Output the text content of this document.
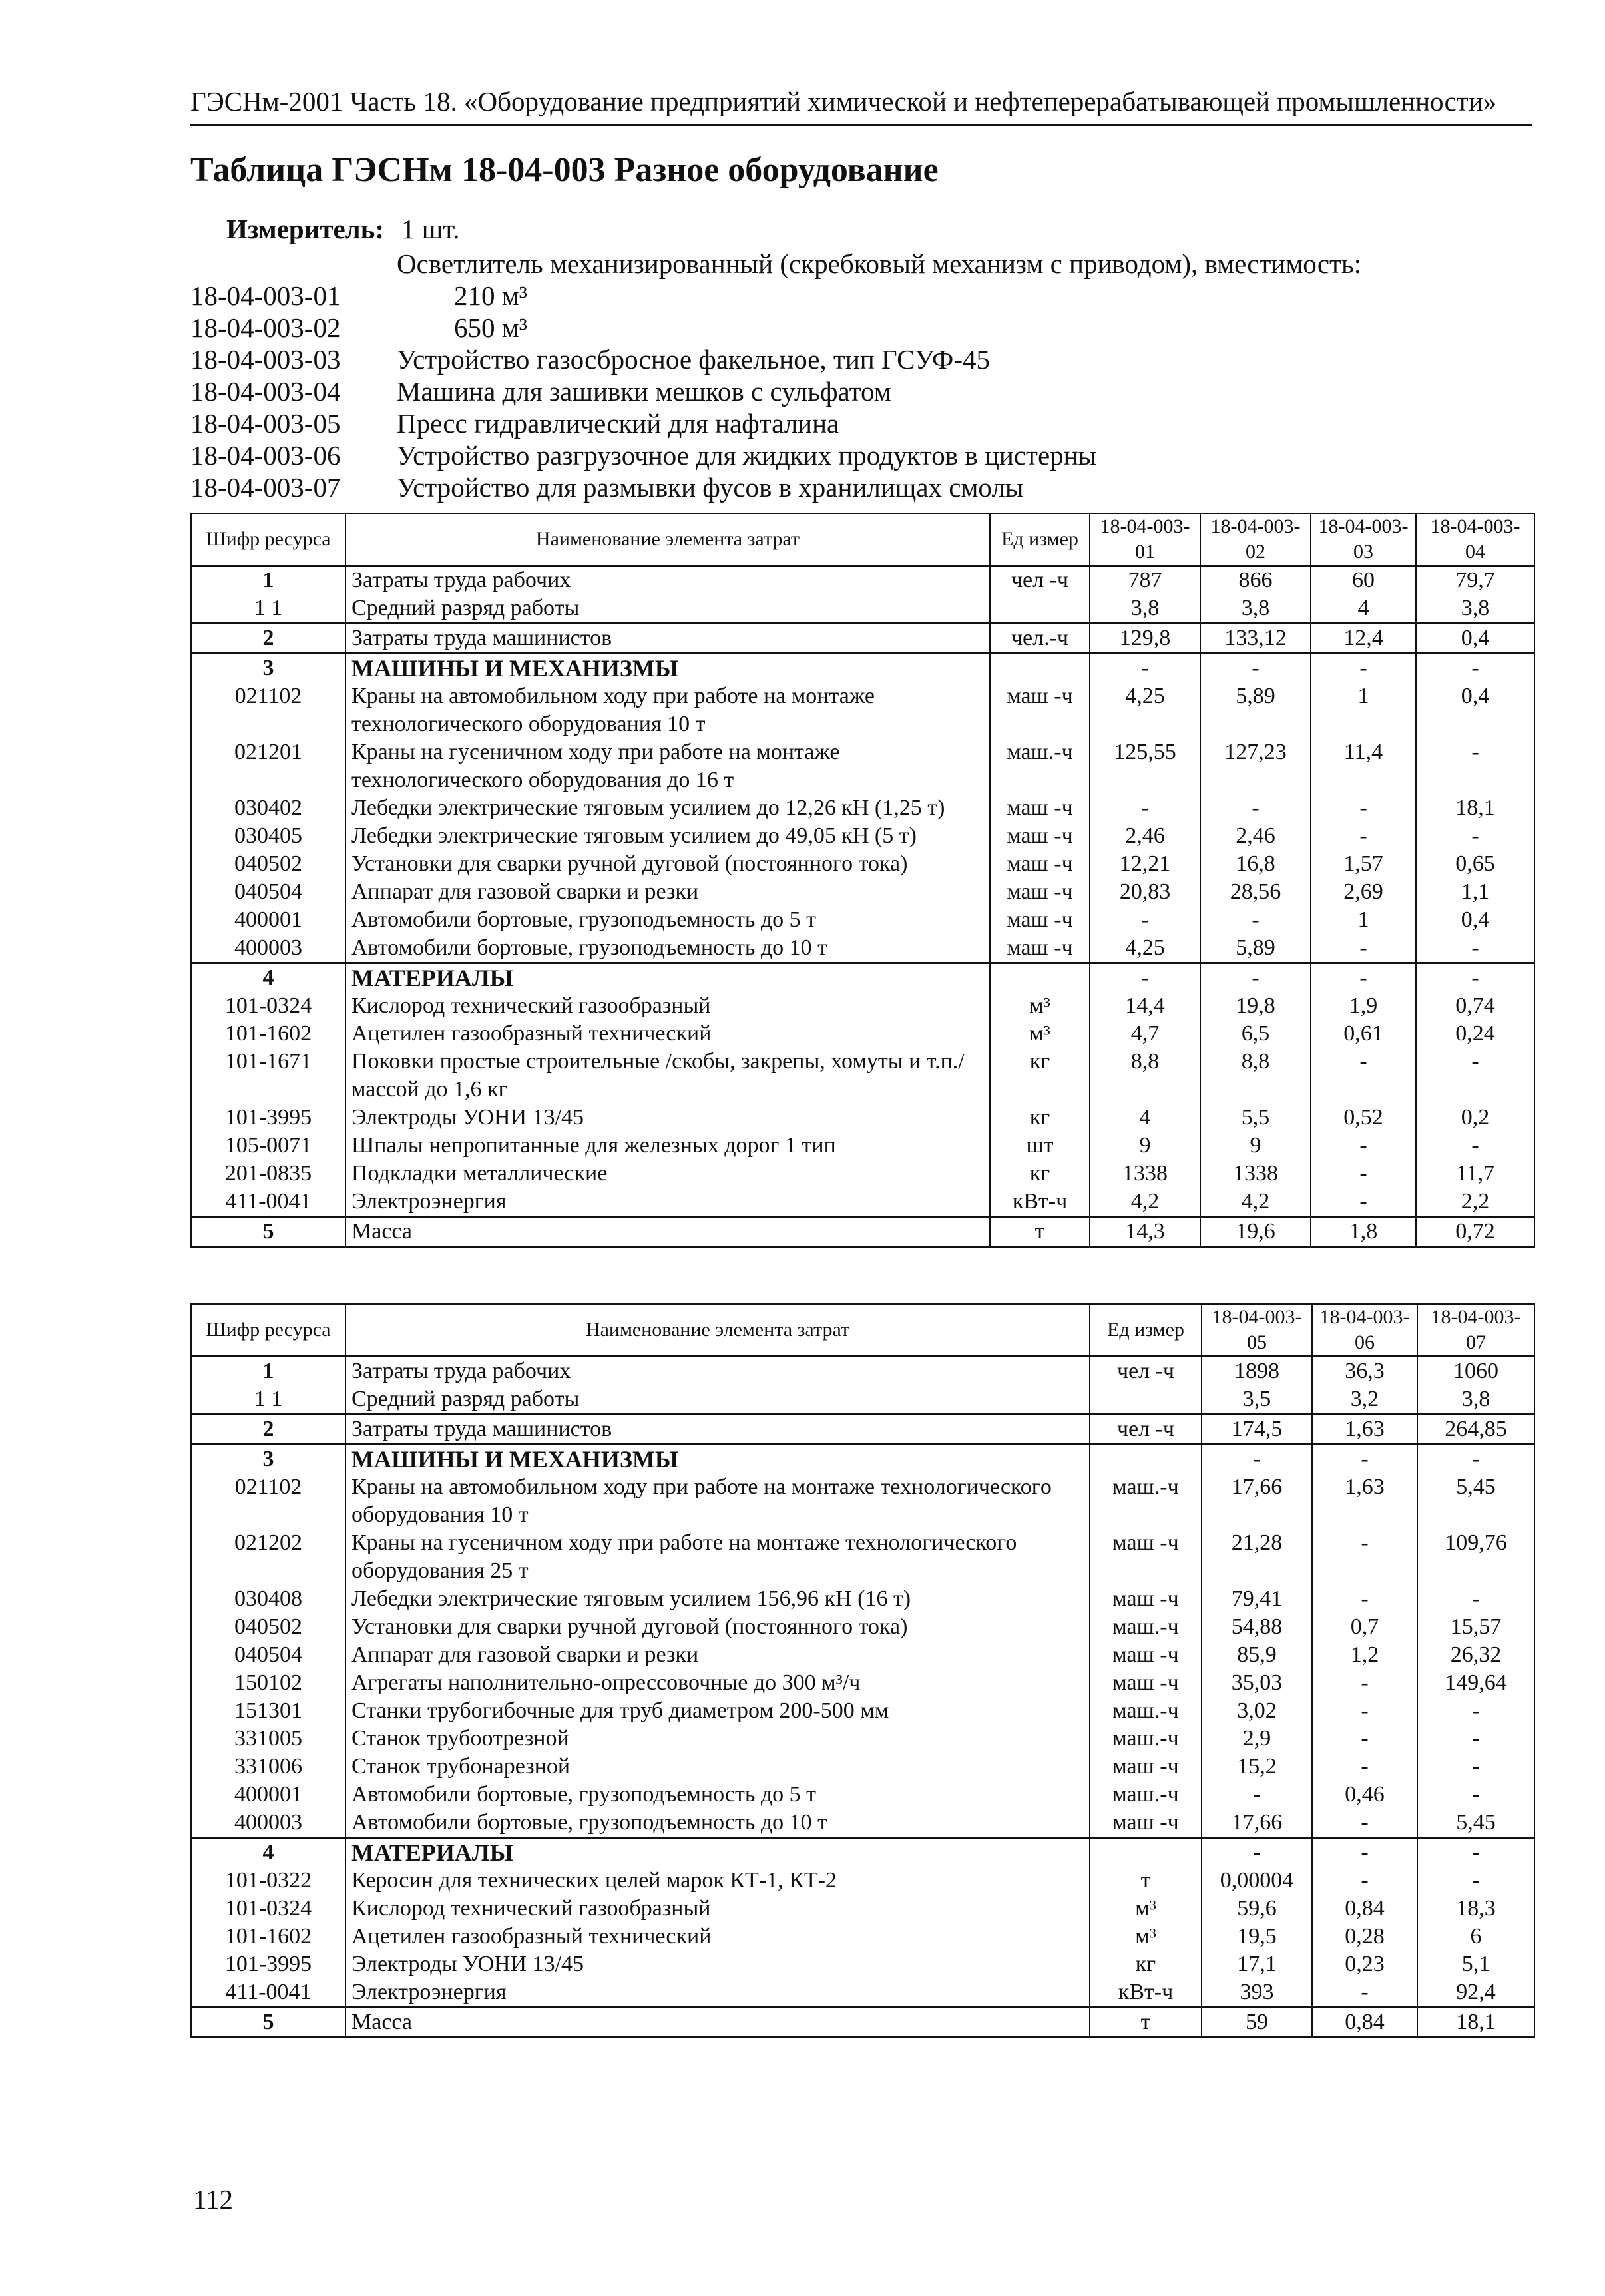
ГЭСНм-2001 Часть 18. «Оборудование предприятий химической и нефтеперерабатывающей промышленности»
Таблица ГЭСНм 18-04-003 Разное оборудование
Измеритель: 1 шт.
Осветлитель механизированный (скребковый механизм с приводом), вместимость:
18-04-003-01	210 м³
18-04-003-02	650 м³
18-04-003-03	Устройство газосбросное факельное, тип ГСУФ-45
18-04-003-04	Машина для зашивки мешков с сульфатом
18-04-003-05	Пресс гидравлический для нафталина
18-04-003-06	Устройство разгрузочное для жидких продуктов в цистерны
18-04-003-07	Устройство для размывки фусов в хранилищах смолы
Шифр ресурса	Наименование элемента затрат	Ед измер	18-04-003-01	18-04-003-02	18-04-003-03	18-04-003-04
1	Затраты труда рабочих	чел -ч	787	866	60	79,7
1 1	Средний разряд работы		3,8	3,8	4	3,8
2	Затраты труда машинистов	чел.-ч	129,8	133,12	12,4	0,4
3	МАШИНЫ И МЕХАНИЗМЫ		-	-	-	-
021102	Краны на автомобильном ходу при работе на монтаже технологического оборудования 10 т	маш -ч	4,25	5,89	1	0,4
021201	Краны на гусеничном ходу при работе на монтаже технологического оборудования до 16 т	маш.-ч	125,55	127,23	11,4	-
030402	Лебедки электрические тяговым усилием до 12,26 кН (1,25 т)	маш -ч	-	-	-	18,1
030405	Лебедки электрические тяговым усилием до 49,05 кН (5 т)	маш -ч	2,46	2,46	-	-
040502	Установки для сварки ручной дуговой (постоянного тока)	маш -ч	12,21	16,8	1,57	0,65
040504	Аппарат для газовой сварки и резки	маш -ч	20,83	28,56	2,69	1,1
400001	Автомобили бортовые, грузоподъемность до 5 т	маш -ч	-	-	1	0,4
400003	Автомобили бортовые, грузоподъемность до 10 т	маш -ч	4,25	5,89	-	-
4	МАТЕРИАЛЫ		-	-	-	-
101-0324	Кислород технический газообразный	м³	14,4	19,8	1,9	0,74
101-1602	Ацетилен газообразный технический	м³	4,7	6,5	0,61	0,24
101-1671	Поковки простые строительные /скобы, закрепы, хомуты и т.п./ массой до 1,6 кг	кг	8,8	8,8	-	-
101-3995	Электроды УОНИ 13/45	кг	4	5,5	0,52	0,2
105-0071	Шпалы непропитанные для железных дорог 1 тип	шт	9	9	-	-
201-0835	Подкладки металлические	кг	1338	1338	-	11,7
411-0041	Электроэнергия	кВт-ч	4,2	4,2	-	2,2
5	Масса	т	14,3	19,6	1,8	0,72
Шифр ресурса	Наименование элемента затрат	Ед измер	18-04-003-05	18-04-003-06	18-04-003-07
1	Затраты труда рабочих	чел -ч	1898	36,3	1060
1 1	Средний разряд работы		3,5	3,2	3,8
2	Затраты труда машинистов	чел -ч	174,5	1,63	264,85
3	МАШИНЫ И МЕХАНИЗМЫ		-	-	-
021102	Краны на автомобильном ходу при работе на монтаже технологического оборудования 10 т	маш.-ч	17,66	1,63	5,45
021202	Краны на гусеничном ходу при работе на монтаже технологического оборудования 25 т	маш -ч	21,28	-	109,76
030408	Лебедки электрические тяговым усилием 156,96 кН (16 т)	маш -ч	79,41	-	-
040502	Установки для сварки ручной дуговой (постоянного тока)	маш.-ч	54,88	0,7	15,57
040504	Аппарат для газовой сварки и резки	маш -ч	85,9	1,2	26,32
150102	Агрегаты наполнительно-опрессовочные до 300 м³/ч	маш -ч	35,03	-	149,64
151301	Станки трубогибочные для труб диаметром 200-500 мм	маш.-ч	3,02	-	-
331005	Станок трубоотрезной	маш.-ч	2,9	-	-
331006	Станок трубонарезной	маш -ч	15,2	-	-
400001	Автомобили бортовые, грузоподъемность до 5 т	маш.-ч	-	0,46	-
400003	Автомобили бортовые, грузоподъемность до 10 т	маш -ч	17,66	-	5,45
4	МАТЕРИАЛЫ		-	-	-
101-0322	Керосин для технических целей марок КТ-1, КТ-2	т	0,00004	-	-
101-0324	Кислород технический газообразный	м³	59,6	0,84	18,3
101-1602	Ацетилен газообразный технический	м³	19,5	0,28	6
101-3995	Электроды УОНИ 13/45	кг	17,1	0,23	5,1
411-0041	Электроэнергия	кВт-ч	393	-	92,4
5	Масса	т	59	0,84	18,1
112
